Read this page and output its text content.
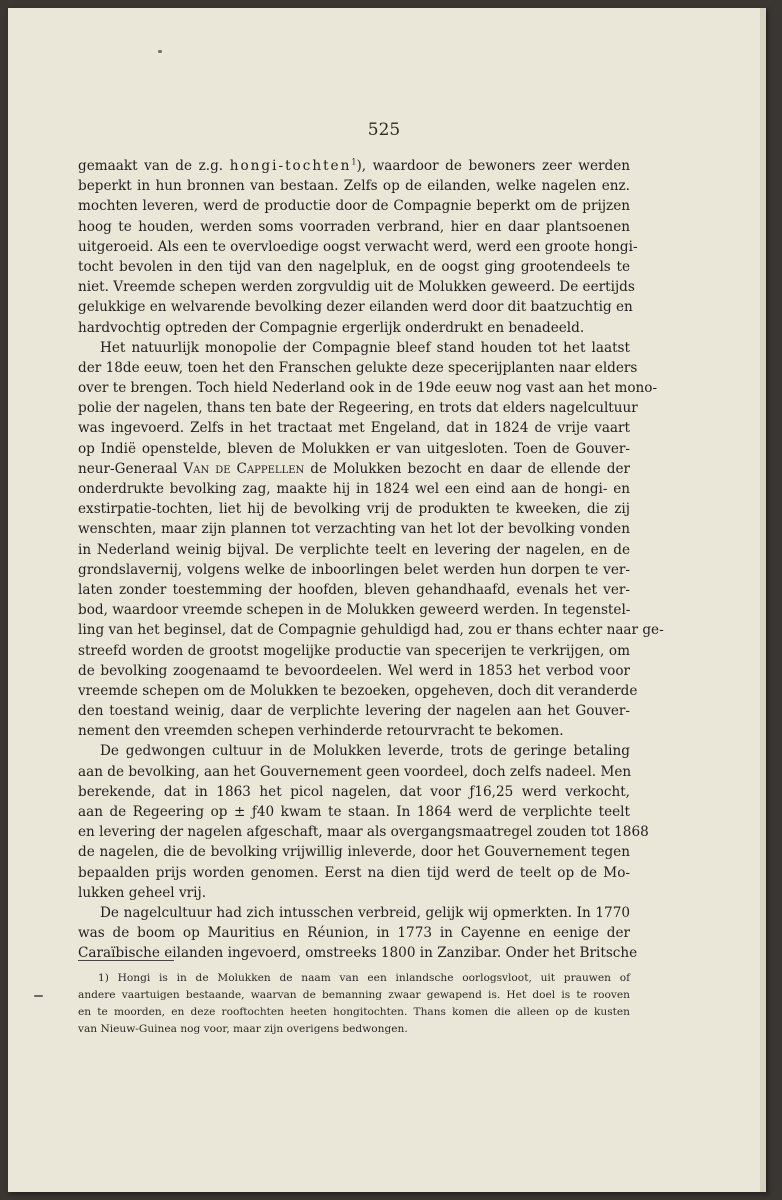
525
gemaakt van de z.g. hongi-tochten$^1$), waardoor de bewoners zeer werden
beperkt in hun bronnen van bestaan. Zelfs op de eilanden, welke nagelen enz.
mochten leveren, werd de productie door de Compagnie beperkt om de prijzen
hoog te houden, werden soms voorraden verbrand, hier en daar plantsoenen
uitgeroeid. Als een te overvloedige oogst verwacht werd, werd een groote hongi-
tocht bevolen in den tijd van den nagelpluk, en de oogst ging grootendeels te
niet. Vreemde schepen werden zorgvuldig uit de Molukken geweerd. De eertijds
gelukkige en welvarende bevolking dezer eilanden werd door dit baatzuchtig en
hardvochtig optreden der Compagnie ergerlijk onderdrukt en benadeeld.
Het natuurlijk monopolie der Compagnie bleef stand houden tot het laatst
der 18de eeuw, toen het den Franschen gelukte deze specerijplanten naar elders
over te brengen. Toch hield Nederland ook in de 19de eeuw nog vast aan het mono-
polie der nagelen, thans ten bate der Regeering, en trots dat elders nagelcultuur
was ingevoerd. Zelfs in het tractaat met Engeland, dat in 1824 de vrije vaart
op Indië openstelde, bleven de Molukken er van uitgesloten. Toen de Gouver-
neur-Generaal Van de Cappellen de Molukken bezocht en daar de ellende der
onderdrukte bevolking zag, maakte hij in 1824 wel een eind aan de hongi- en
exstirpatie-tochten, liet hij de bevolking vrij de produkten te kweeken, die zij
wenschten, maar zijn plannen tot verzachting van het lot der bevolking vonden
in Nederland weinig bijval. De verplichte teelt en levering der nagelen, en de
grondslavernij, volgens welke de inboorlingen belet werden hun dorpen te ver-
laten zonder toestemming der hoofden, bleven gehandhaafd, evenals het ver-
bod, waardoor vreemde schepen in de Molukken geweerd werden. In tegenstel-
ling van het beginsel, dat de Compagnie gehuldigd had, zou er thans echter naar ge-
streefd worden de grootst mogelijke productie van specerijen te verkrijgen, om
de bevolking zoogenaamd te bevoordeelen. Wel werd in 1853 het verbod voor
vreemde schepen om de Molukken te bezoeken, opgeheven, doch dit veranderde
den toestand weinig, daar de verplichte levering der nagelen aan het Gouver-
nement den vreemden schepen verhinderde retourvracht te bekomen.
De gedwongen cultuur in de Molukken leverde, trots de geringe betaling
aan de bevolking, aan het Gouvernement geen voordeel, doch zelfs nadeel. Men
berekende, dat in 1863 het picol nagelen, dat voor ƒ16,25 werd verkocht,
aan de Regeering op ± ƒ40 kwam te staan. In 1864 werd de verplichte teelt
en levering der nagelen afgeschaft, maar als overgangsmaatregel zouden tot 1868
de nagelen, die de bevolking vrijwillig inleverde, door het Gouvernement tegen
bepaalden prijs worden genomen. Eerst na dien tijd werd de teelt op de Mo-
lukken geheel vrij.
De nagelcultuur had zich intusschen verbreid, gelijk wij opmerkten. In 1770
was de boom op Mauritius en Réunion, in 1773 in Cayenne en eenige der
Caraïbische eilanden ingevoerd, omstreeks 1800 in Zanzibar. Onder het Britsche
1) Hongi is in de Molukken de naam van een inlandsche oorlogsvloot, uit prauwen of
andere vaartuigen bestaande, waarvan de bemanning zwaar gewapend is. Het doel is te rooven
en te moorden, en deze rooftochten heeten hongitochten. Thans komen die alleen op de kusten
van Nieuw-Guinea nog voor, maar zijn overigens bedwongen.
